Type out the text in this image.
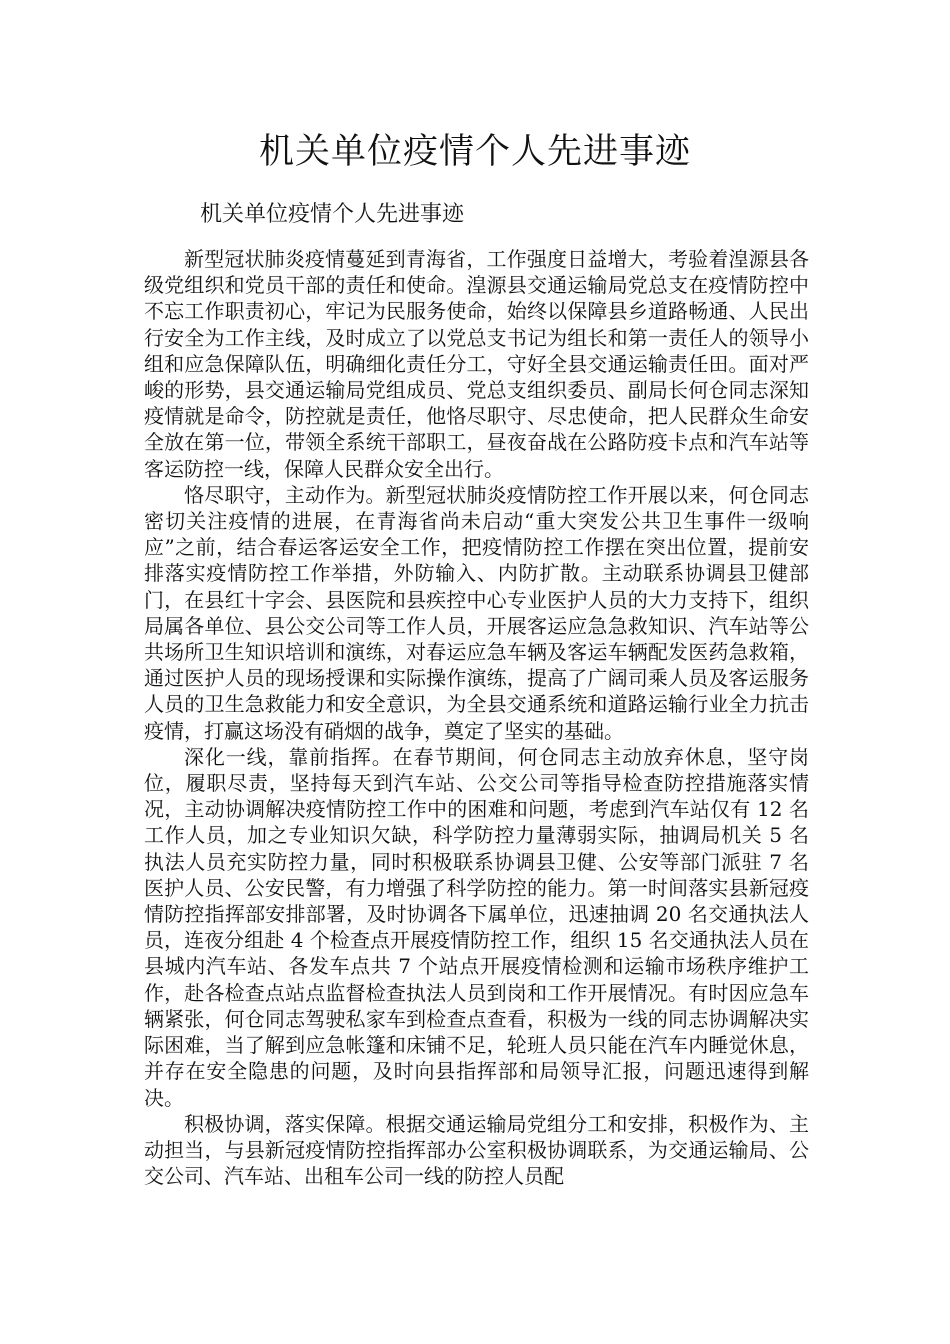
机关单位疫情个人先进事迹
机关单位疫情个人先进事迹

新型冠状肺炎疫情蔓延到青海省，工作强度日益增大，考验着湟源县各级党组织和党员干部的责任和使命。湟源县交通运输局党总支在疫情防控中不忘工作职责初心，牢记为民服务使命，始终以保障县乡道路畅通、人民出行安全为工作主线，及时成立了以党总支书记为组长和第一责任人的领导小组和应急保障队伍，明确细化责任分工，守好全县交通运输责任田。面对严峻的形势，县交通运输局党组成员、党总支组织委员、副局长何仓同志深知疫情就是命令，防控就是责任，他恪尽职守、尽忠使命，把人民群众生命安全放在第一位，带领全系统干部职工，昼夜奋战在公路防疫卡点和汽车站等客运防控一线，保障人民群众安全出行。

恪尽职守，主动作为。新型冠状肺炎疫情防控工作开展以来，何仓同志密切关注疫情的进展，在青海省尚未启动“重大突发公共卫生事件一级响应”之前，结合春运客运安全工作，把疫情防控工作摆在突出位置，提前安排落实疫情防控工作举措，外防输入、内防扩散。主动联系协调县卫健部门，在县红十字会、县医院和县疾控中心专业医护人员的大力支持下，组织局属各单位、县公交公司等工作人员，开展客运应急急救知识、汽车站等公共场所卫生知识培训和演练，对春运应急车辆及客运车辆配发医药急救箱，通过医护人员的现场授课和实际操作演练，提高了广阔司乘人员及客运服务人员的卫生急救能力和安全意识，为全县交通系统和道路运输行业全力抗击疫情，打赢这场没有硝烟的战争，奠定了坚实的基础。

深化一线，靠前指挥。在春节期间，何仓同志主动放弃休息，坚守岗位，履职尽责，坚持每天到汽车站、公交公司等指导检查防控措施落实情况，主动协调解决疫情防控工作中的困难和问题，考虑到汽车站仅有 12 名工作人员，加之专业知识欠缺，科学防控力量薄弱实际，抽调局机关 5 名执法人员充实防控力量，同时积极联系协调县卫健、公安等部门派驻 7 名医护人员、公安民警，有力增强了科学防控的能力。第一时间落实县新冠疫情防控指挥部安排部署，及时协调各下属单位，迅速抽调 20 名交通执法人员，连夜分组赴 4 个检查点开展疫情防控工作，组织 15 名交通执法人员在县城内汽车站、各发车点共 7 个站点开展疫情检测和运输市场秩序维护工作，赴各检查点站点监督检查执法人员到岗和工作开展情况。有时因应急车辆紧张，何仓同志驾驶私家车到检查点查看，积极为一线的同志协调解决实际困难，当了解到应急帐篷和床铺不足，轮班人员只能在汽车内睡觉休息，并存在安全隐患的问题，及时向县指挥部和局领导汇报，问题迅速得到解决。

积极协调，落实保障。根据交通运输局党组分工和安排，积极作为、主动担当，与县新冠疫情防控指挥部办公室积极协调联系，为交通运输局、公交公司、汽车站、出租车公司一线的防控人员配
